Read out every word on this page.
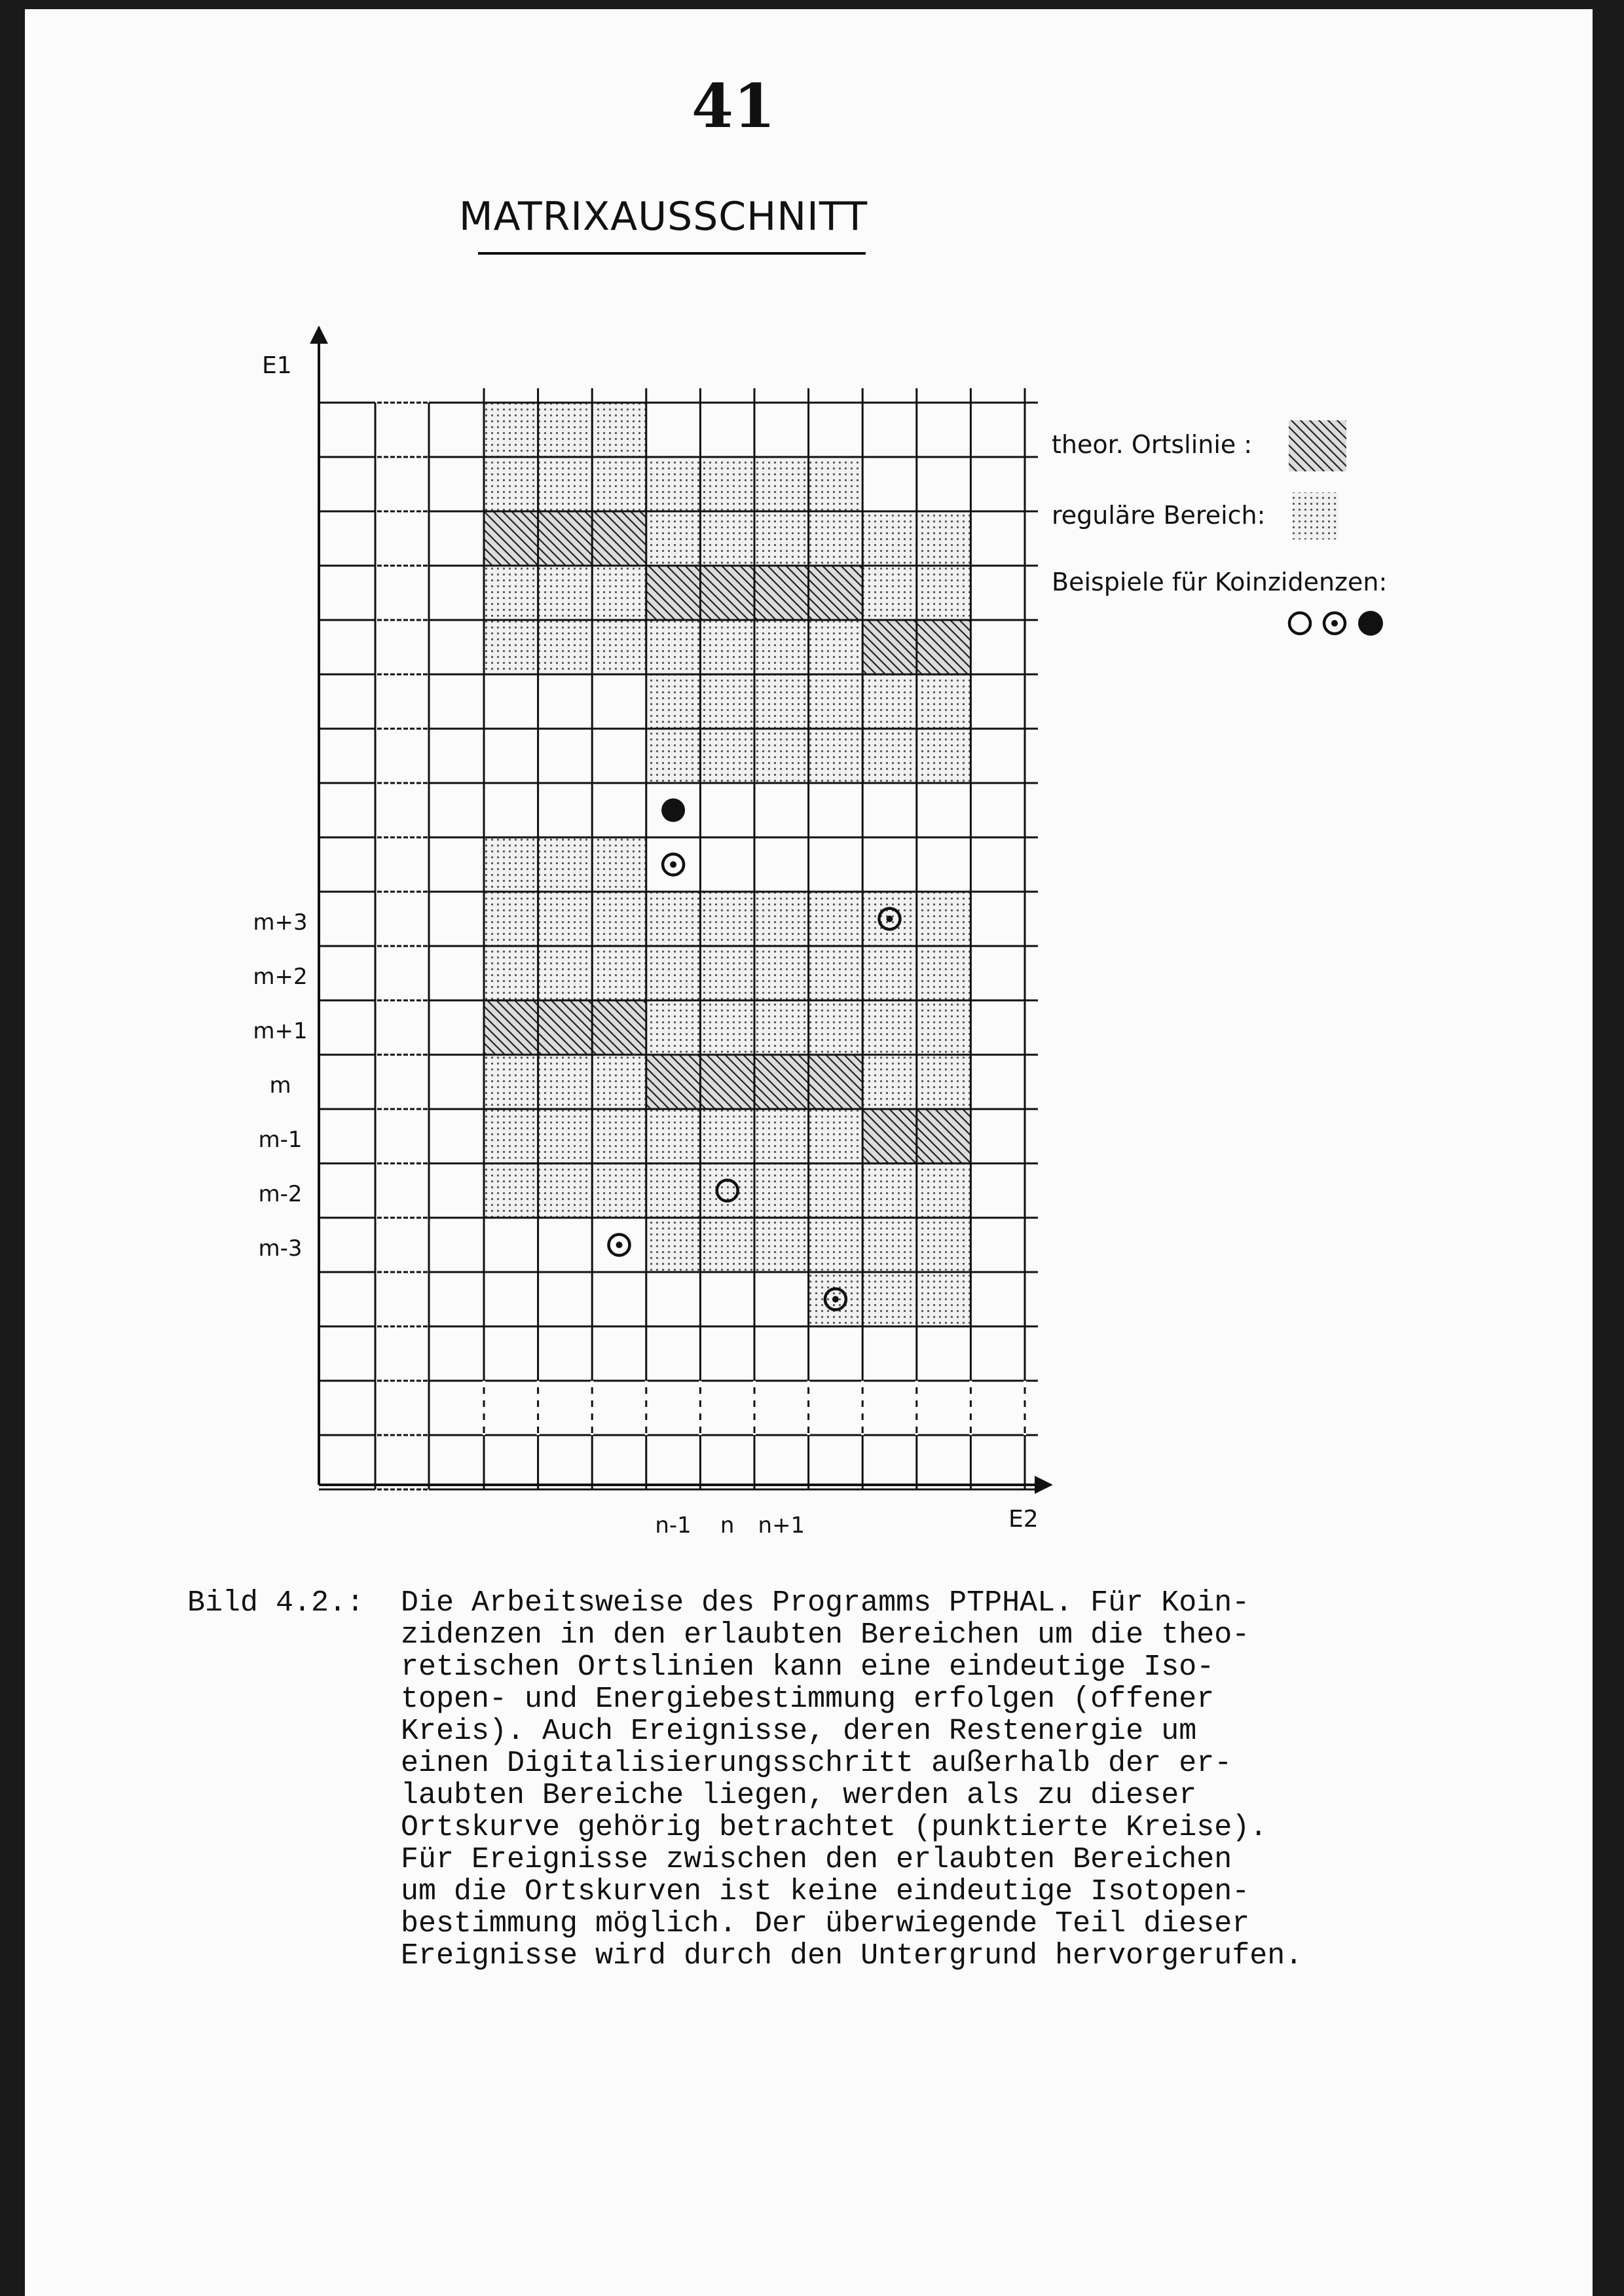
41
MATRIXAUSSCHNITT
E1
E2
m+3
m+2
m+1
m
m-1
m-2
m-3
n-1 n n+1
theor. Ortslinie :
reguläre Bereich:
Beispiele für Koinzidenzen:
Bild 4.2.: Die Arbeitsweise des Programms PTPHAL. Für Koin-
zidenzen in den erlaubten Bereichen um die theo-
retischen Ortslinien kann eine eindeutige Iso-
topen- und Energiebestimmung erfolgen (offener
Kreis). Auch Ereignisse, deren Restenergie um
einen Digitalisierungsschritt außerhalb der er-
laubten Bereiche liegen, werden als zu dieser
Ortskurve gehörig betrachtet (punktierte Kreise).
Für Ereignisse zwischen den erlaubten Bereichen
um die Ortskurven ist keine eindeutige Isotopen-
bestimmung möglich. Der überwiegende Teil dieser
Ereignisse wird durch den Untergrund hervorgerufen.
